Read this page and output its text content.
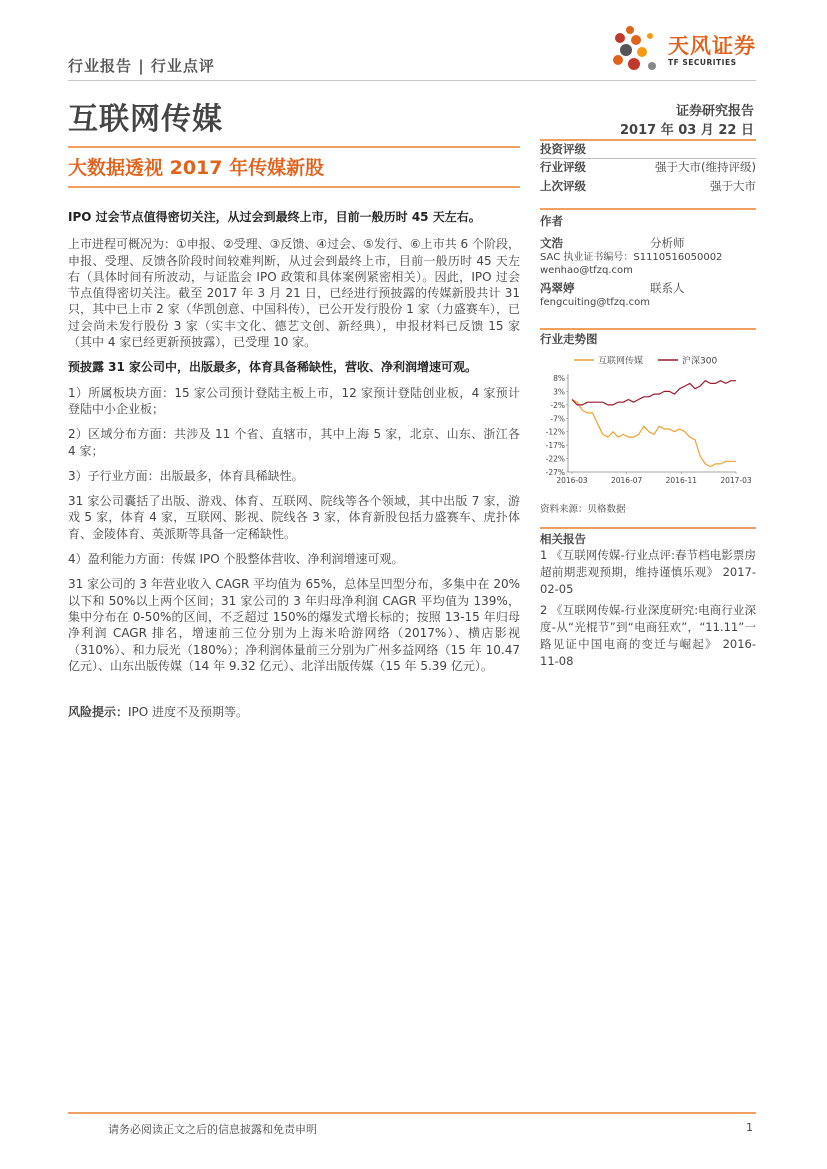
行业报告 | 行业点评
天风证券
TF SECURITIES
互联网传媒	证券研究报告
2017 年 03 月 22 日
大数据透视 2017 年传媒新股

IPO 过会节点值得密切关注，从过会到最终上市，目前一般历时 45 天左右。

上市进程可概况为：①申报、②受理、③反馈、④过会、⑤发行、⑥上市共 6 个阶段，申报、受理、反馈各阶段时间较难判断，从过会到最终上市，目前一般历时 45 天左右（具体时间有所波动，与证监会 IPO 政策和具体案例紧密相关）。因此，IPO 过会节点值得密切关注。截至 2017 年 3 月 21 日，已经进行预披露的传媒新股共计 31 只，其中已上市 2 家（华凯创意、中国科传），已公开发行股份 1 家（力盛赛车），已过会尚未发行股份 3 家（实丰文化、德艺文创、新经典），申报材料已反馈 15 家（其中 4 家已经更新预披露），已受理 10 家。

预披露 31 家公司中，出版最多，体育具备稀缺性，营收、净利润增速可观。

1）所属板块方面：15 家公司预计登陆主板上市，12 家预计登陆创业板，4 家预计登陆中小企业板；

2）区域分布方面：共涉及 11 个省、直辖市，其中上海 5 家，北京、山东、浙江各 4 家；

3）子行业方面：出版最多，体育具稀缺性。

31 家公司囊括了出版、游戏、体育、互联网、院线等各个领域，其中出版 7 家，游戏 5 家，体育 4 家，互联网、影视、院线各 3 家，体育新股包括力盛赛车、虎扑体育、金陵体育、英派斯等具备一定稀缺性。

4）盈利能力方面：传媒 IPO 个股整体营收、净利润增速可观。

31 家公司的 3 年营业收入 CAGR 平均值为 65%，总体呈凹型分布，多集中在 20%以下和 50%以上两个区间；31 家公司的 3 年归母净利润 CAGR 平均值为 139%，集中分布在 0-50%的区间，不乏超过 150%的爆发式增长标的；按照 13-15 年归母净利润 CAGR 排名，增速前三位分别为上海米哈游网络（2017%）、横店影视（310%）、和力辰光（180%）；净利润体量前三分别为广州多益网络（15 年 10.47 亿元）、山东出版传媒（14 年 9.32 亿元）、北洋出版传媒（15 年 5.39 亿元）。

风险提示：IPO 进度不及预期等。

投资评级
行业评级	强于大市(维持评级)
上次评级	强于大市
作者
文浩	分析师
SAC 执业证书编号：S1110516050002
wenhao@tfzq.com
冯翠婷	联系人
fengcuiting@tfzq.com
行业走势图
互联网传媒	沪深300
8%
3%
-2%
-7%
-12%
-17%
-22%
-27%
2016-03	2016-07	2016-11	2017-03
资料来源：贝格数据
相关报告

1 《互联网传媒-行业点评:春节档电影票房超前期悲观预期，维持谨慎乐观》 2017-02-05

2 《互联网传媒-行业深度研究:电商行业深度-从“光棍节”到“电商狂欢”，“11.11”一路见证中国电商的变迁与崛起》 2016-11-08

请务必阅读正文之后的信息披露和免责申明	1
